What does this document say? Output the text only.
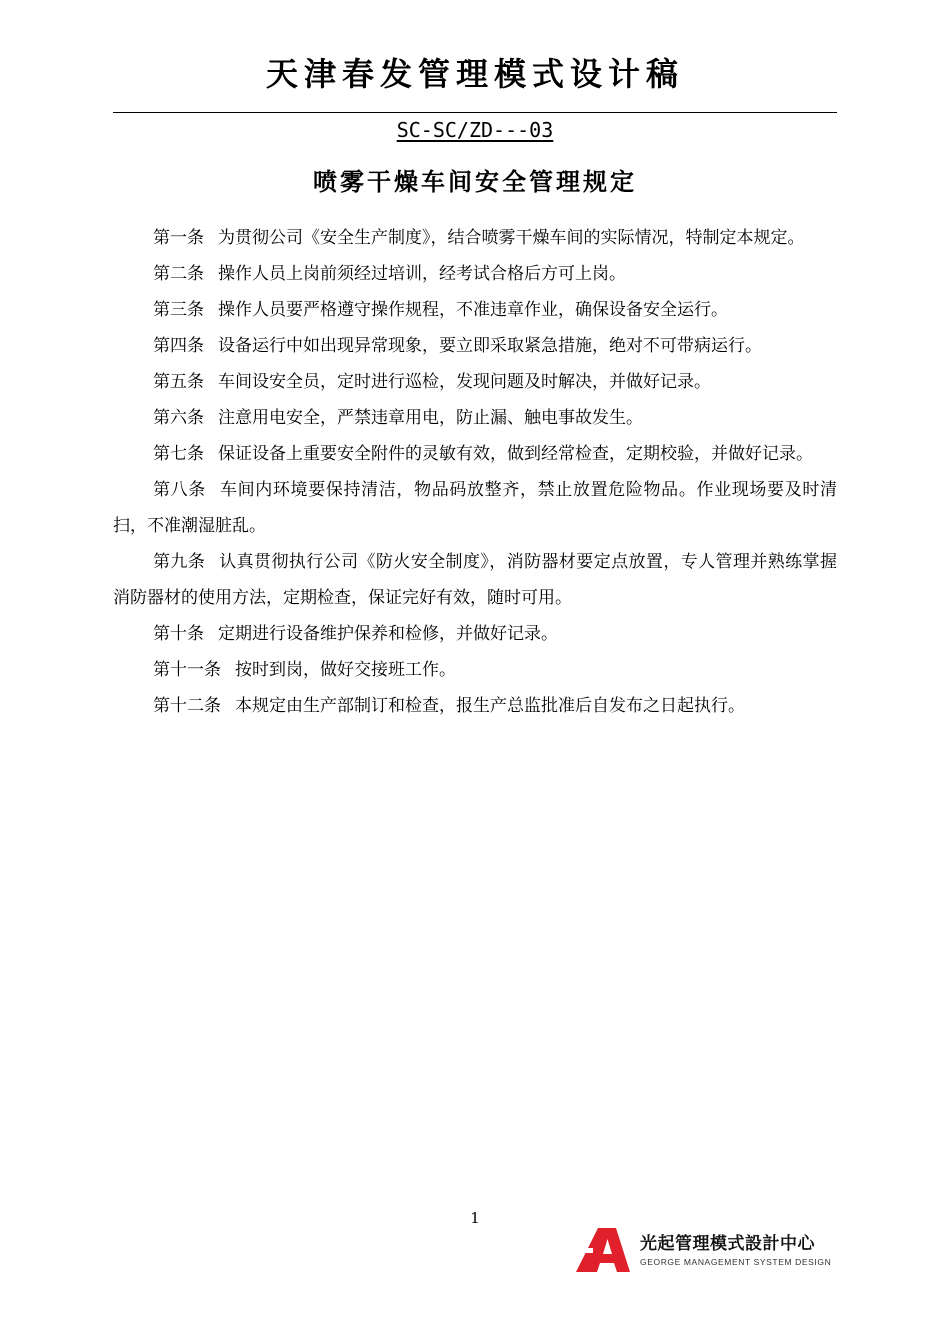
天津春发管理模式设计稿
SC-SC/ZD---03
喷雾干燥车间安全管理规定
第一条 为贯彻公司《安全生产制度》，结合喷雾干燥车间的实际情况，特制定本规定。
第二条 操作人员上岗前须经过培训，经考试合格后方可上岗。
第三条 操作人员要严格遵守操作规程，不准违章作业，确保设备安全运行。
第四条 设备运行中如出现异常现象，要立即采取紧急措施，绝对不可带病运行。
第五条 车间设安全员，定时进行巡检，发现问题及时解决，并做好记录。
第六条 注意用电安全，严禁违章用电，防止漏、触电事故发生。
第七条 保证设备上重要安全附件的灵敏有效，做到经常检查，定期校验，并做好记录。
第八条 车间内环境要保持清洁，物品码放整齐，禁止放置危险物品。作业现场要及时清扫，不准潮湿脏乱。
第九条 认真贯彻执行公司《防火安全制度》，消防器材要定点放置，专人管理并熟练掌握消防器材的使用方法，定期检查，保证完好有效，随时可用。
第十条 定期进行设备维护保养和检修，并做好记录。
第十一条 按时到岗，做好交接班工作。
第十二条 本规定由生产部制订和检查，报生产总监批准后自发布之日起执行。
1
光起管理模式設計中心
GEORGE MANAGEMENT SYSTEM DESIGN
